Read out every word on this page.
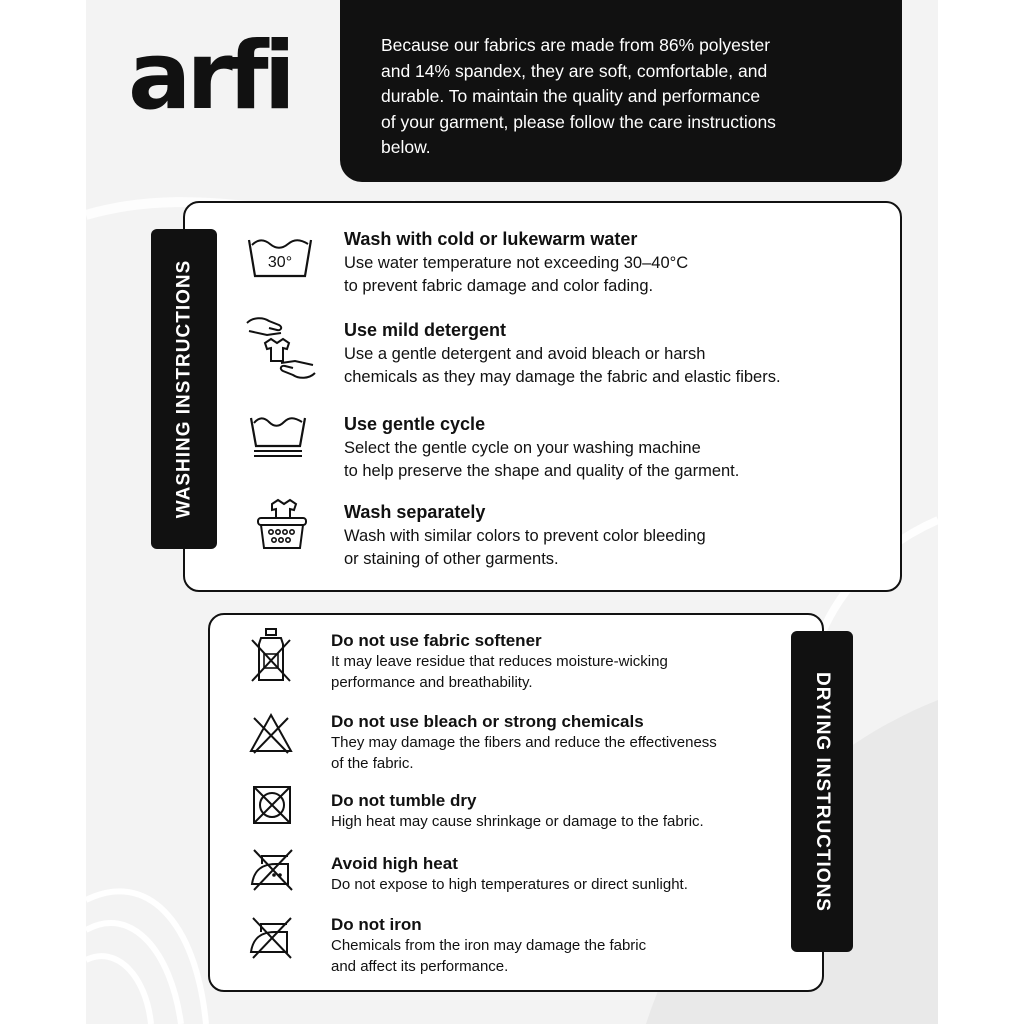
arfi	Because our fabrics are made from 86% polyester
and 14% spandex, they are soft, comfortable, and
durable. To maintain the quality and performance
of your garment, please follow the care instructions
below.
WASHING INSTRUCTIONS	30°
Wash with cold or lukewarm water
Use water temperature not exceeding 30–40°C
to prevent fabric damage and color fading.
Use mild detergent
Use a gentle detergent and avoid bleach or harsh
chemicals as they may damage the fabric and elastic fibers.
Use gentle cycle
Select the gentle cycle on your washing machine
to help preserve the shape and quality of the garment.
Wash separately
Wash with similar colors to prevent color bleeding
or staining of other garments.
DRYING INSTRUCTIONS
Do not use fabric softener
It may leave residue that reduces moisture-wicking
performance and breathability.
Do not use bleach or strong chemicals
They may damage the fibers and reduce the effectiveness
of the fabric.
Do not tumble dry
High heat may cause shrinkage or damage to the fabric.
Avoid high heat
Do not expose to high temperatures or direct sunlight.
Do not iron
Chemicals from the iron may damage the fabric
and affect its performance.
